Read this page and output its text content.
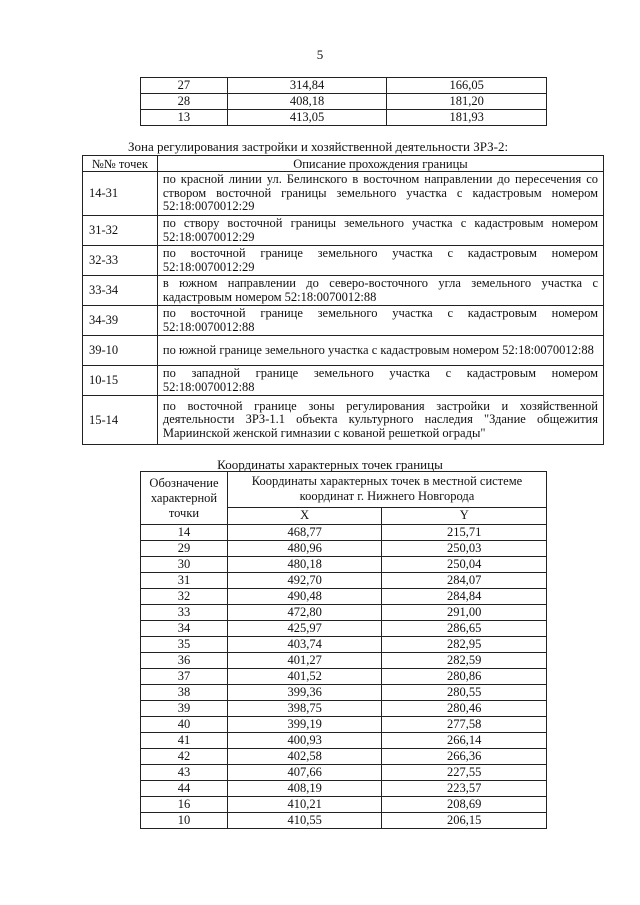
5
27	314,84	166,05
28	408,18	181,20
13	413,05	181,93
Зона регулирования застройки и хозяйственной деятельности ЗРЗ-2:
№№ точек	Описание прохождения границы
14-31	по красной линии ул. Белинского в восточном направлении до пересечения со створом восточной границы земельного участка с кадастровым номером 52:18:0070012:29
31-32	по створу восточной границы земельного участка с кадастровым номером 52:18:0070012:29
32-33	по восточной границе земельного участка с кадастровым номером 52:18:0070012:29
33-34	в южном направлении до северо-восточного угла земельного участка с кадастровым номером 52:18:0070012:88
34-39	по восточной границе земельного участка с кадастровым номером 52:18:0070012:88
39-10	по южной границе земельного участка с кадастровым номером 52:18:0070012:88
10-15	по западной границе земельного участка с кадастровым номером 52:18:0070012:88
15-14	по восточной границе зоны регулирования застройки и хозяйственной деятельности ЗРЗ-1.1 объекта культурного наследия "Здание общежития Мариинской женской гимназии с кованой решеткой ограды"
Координаты характерных точек границы
Обозначение характерной точки	Координаты характерных точек в местной системе координат г. Нижнего Новгорода	
	X	Y
14	468,77	215,71
29	480,96	250,03
30	480,18	250,04
31	492,70	284,07
32	490,48	284,84
33	472,80	291,00
34	425,97	286,65
35	403,74	282,95
36	401,27	282,59
37	401,52	280,86
38	399,36	280,55
39	398,75	280,46
40	399,19	277,58
41	400,93	266,14
42	402,58	266,36
43	407,66	227,55
44	408,19	223,57
16	410,21	208,69
10	410,55	206,15
